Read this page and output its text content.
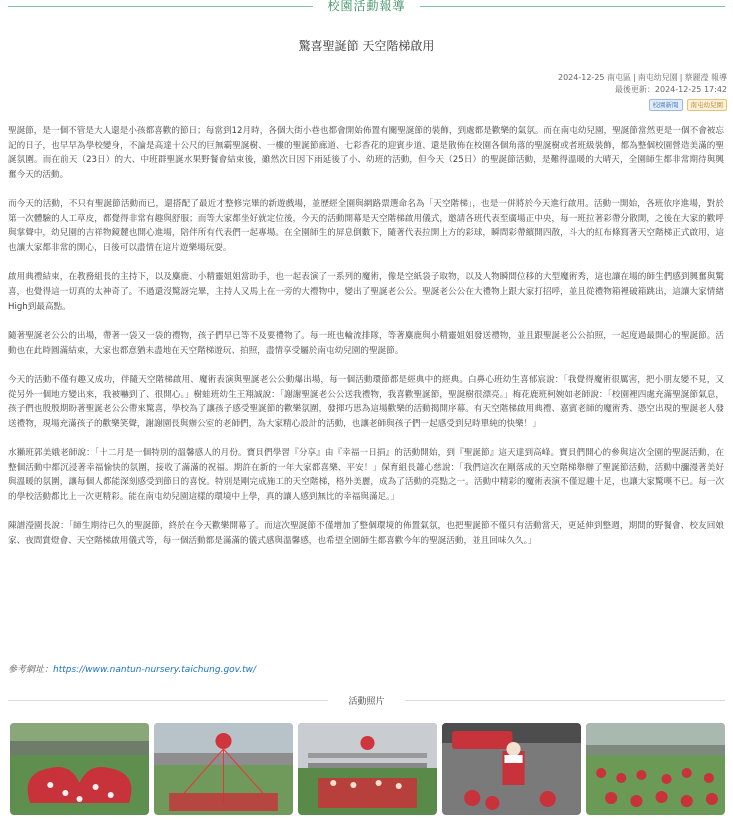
校園活動報導
驚喜聖誕節 天空階梯啟用
2024-12-25 南屯區 | 南屯幼兒園 | 蔡麗瀅 報導
最後更新：2024-12-25 17:42
校園新聞	南屯幼兒園

聖誕節，是一個不管是大人還是小孩都喜歡的節日；每當到12月時，各個大街小巷也都會開始佈置有關聖誕節的裝飾，到處都是歡樂的氣氛。而在南屯幼兒園，聖誕節當然更是一個不會被忘記的日子，也早早為學校變身，不論是高達十公尺的巨無霸聖誕樹、一樓的聖誕節廊道、七彩香花的迎賓步道、還是散佈在校園各個角落的聖誕樹或者班級裝飾，都為整個校園營造美滿的聖誕氛圍。而在前天（23日）的大、中班群聖誕水果野餐會結束後，雖然次日因下雨延後了小、幼班的活動，但今天（25日）的聖誕節活動，是難得溫暖的大晴天，全園師生都非常期待與興奮今天的活動。

而今天的活動，不只有聖誕節活動而已，還搭配了最近才整修完畢的新遊戲場，並歷經全園與網路票選命名為「天空階梯」，也是一併將於今天進行啟用。活動一開始，各班依序進場，對於第一次體驗的人工草皮，都覺得非常有趣與舒服；而等大家都坐好就定位後，今天的活動開幕是天空階梯啟用儀式，邀請各班代表至廣場正中央，每一班拉著彩帶分散開，之後在大家的歡呼與掌聲中，幼兒園的吉祥物鏡麓也開心進場，陪伴所有代表們一起專場。在全園師生的屏息倒數下，隨著代表拉開上方的彩球，瞬間彩帶繽開四散，斗大的紅布條寫著天空階梯正式啟用，這也讓大家都非常的開心，日後可以盡情在這片遊樂場玩耍。

啟用典禮結束，在教務組長的主持下，以及麋鹿、小精靈姐姐當助手，也一起表演了一系列的魔術，像是空紙袋子取物，以及人物瞬間位移的大型魔術秀，這也讓在場的師生們感到興奮與驚喜，也覺得這一切真的太神奇了。不過還沒驚訝完畢，主持人又馬上在一旁的大禮物中，變出了聖誕老公公。聖誕老公公在大禮物上跟大家打招呼，並且從禮物箱裡破箱跳出，這讓大家情緒High到最高點。

隨著聖誕老公公的出場，帶著一袋又一袋的禮物，孩子們早已等不及要禮物了。每一班也輪流排隊，等著麋鹿與小精靈姐姐發送禮物，並且跟聖誕老公公拍照，一起度過最開心的聖誕節。活動也在此時圓滿結束，大家也都意猶未盡地在天空階梯遊玩、拍照，盡情享受屬於南屯幼兒園的聖誕節。

今天的活動不僅有趣又成功，伴隨天空階梯啟用、魔術表演與聖誕老公公動爆出場，每一個活動環節都是經典中的經典。白鼻心班幼生喜郁宸說：「我覺得魔術很厲害，把小朋友變不見，又從另外一個地方變出來，我被嚇到了、很開心。」樹蛙班幼生王翔誠說：「謝謝聖誕老公公送我禮物，我喜歡聖誕節，聖誕樹很漂亮。」梅花鹿班柯婉如老師說：「校園裡四處充滿聖誕節氣息，孩子們也殷殷期盼著聖誕老公公帶來驚喜，學校為了讓孩子感受聖誕節的歡樂氛圍，發揮巧思為這場歡樂的活動揭開序幕。有天空階梯啟用典禮、嘉賓老師的魔術秀、憑空出現的聖誕老人發送禮物，現場充滿孩子的歡樂笑聲，謝謝園長與辦公室的老師們，為大家精心設計的活動，也讓老師與孩子們一起感受到兒時單純的快樂！」

水獺班郭美娥老師說：「十二月是一個特別的溫馨感人的月份。寶貝們學習『分享』由『幸福一日捐』的活動開始，到『聖誕節』這天達到高峰。寶貝們開心的參與這次全園的聖誕活動，在整個活動中都沉浸著幸福愉快的氛圍，接收了滿滿的祝福。期許在新的一年大家都喜樂、平安！」保育組長蕭心慈說：「我們這次在剛落成的天空階梯舉辦了聖誕節活動，活動中瀰漫著美好與溫暖的氛圍，讓每個人都能深刻感受到節日的喜悅。特別是剛完成施工的天空階梯，格外美麗，成為了活動的亮點之一。活動中精彩的魔術表演不僅逗趣十足，也讓大家驚嘆不已。每一次的學校活動都比上一次更精彩。能在南屯幼兒園這樣的環境中上學，真的讓人感到無比的幸福與滿足。」

陳譜瀅園長說：「師生期待已久的聖誕節，終於在今天歡樂開幕了。而這次聖誕節不僅增加了整個環境的佈置氣氛，也把聖誕節不僅只有活動當天，更延伸到整週，期間的野餐會、校友回娘家、夜間賞燈會、天空階梯啟用儀式等，每一個活動都是滿滿的儀式感與溫馨感，也希望全園師生都喜歡今年的聖誕活動，並且回味久久。」

參考網址：https://www.nantun-nursery.taichung.gov.tw/
活動照片
